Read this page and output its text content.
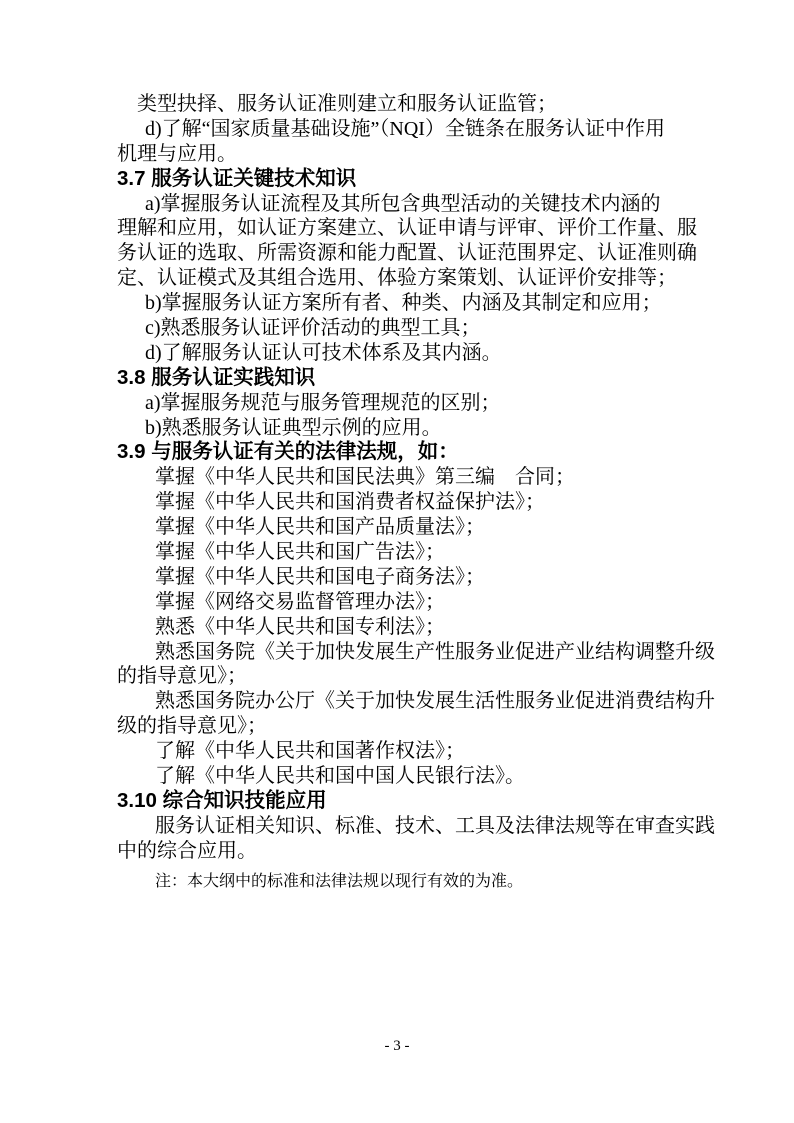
类型抉择、服务认证准则建立和服务认证监管；
d)了解“国家质量基础设施”（NQI）全链条在服务认证中作用
机理与应用。
3.7 服务认证关键技术知识
a)掌握服务认证流程及其所包含典型活动的关键技术内涵的
理解和应用，如认证方案建立、认证申请与评审、评价工作量、服
务认证的选取、所需资源和能力配置、认证范围界定、认证准则确
定、认证模式及其组合选用、体验方案策划、认证评价安排等；
b)掌握服务认证方案所有者、种类、内涵及其制定和应用；
c)熟悉服务认证评价活动的典型工具；
d)了解服务认证认可技术体系及其内涵。
3.8 服务认证实践知识
a)掌握服务规范与服务管理规范的区别；
b)熟悉服务认证典型示例的应用。
3.9 与服务认证有关的法律法规，如：
掌握《中华人民共和国民法典》第三编　合同；
掌握《中华人民共和国消费者权益保护法》；
掌握《中华人民共和国产品质量法》；
掌握《中华人民共和国广告法》；
掌握《中华人民共和国电子商务法》；
掌握《网络交易监督管理办法》；
熟悉《中华人民共和国专利法》；
熟悉国务院《关于加快发展生产性服务业促进产业结构调整升级
的指导意见》；
熟悉国务院办公厅《关于加快发展生活性服务业促进消费结构升
级的指导意见》；
了解《中华人民共和国著作权法》；
了解《中华人民共和国中国人民银行法》。
3.10 综合知识技能应用
服务认证相关知识、标准、技术、工具及法律法规等在审查实践
中的综合应用。
注：本大纲中的标准和法律法规以现行有效的为准。
- 3 -
